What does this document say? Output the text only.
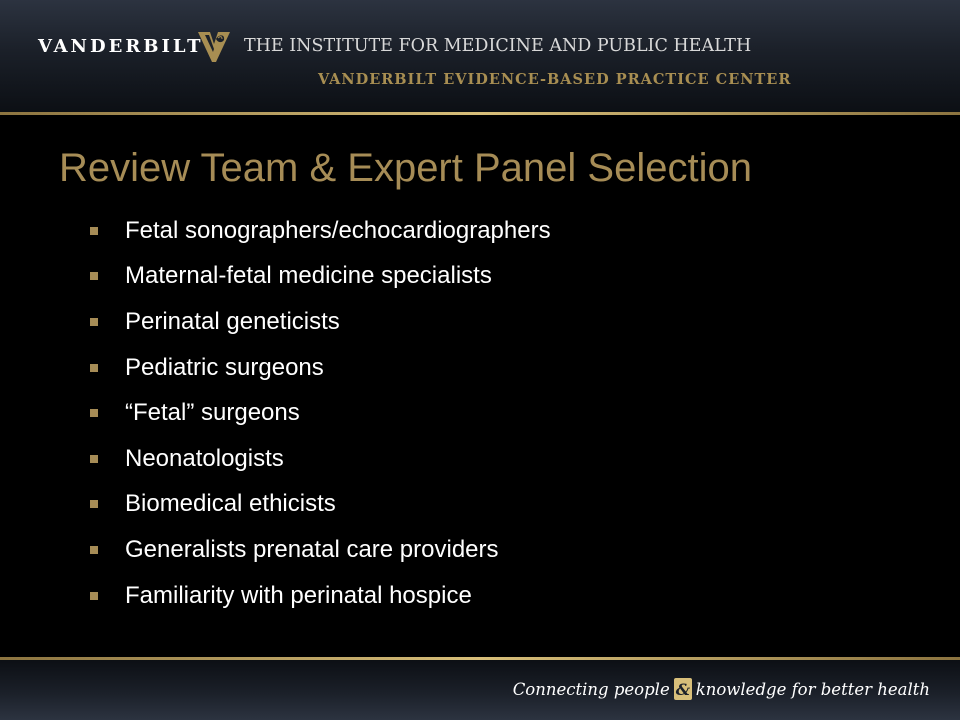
VANDERBILT THE INSTITUTE FOR MEDICINE AND PUBLIC HEALTH
VANDERBILT EVIDENCE-BASED PRACTICE CENTER
Review Team & Expert Panel Selection
Fetal sonographers/echocardiographers
Maternal-fetal medicine specialists
Perinatal geneticists
Pediatric surgeons
“Fetal” surgeons
Neonatologists
Biomedical ethicists
Generalists prenatal care providers
Familiarity with perinatal hospice
Connecting people & knowledge for better health
